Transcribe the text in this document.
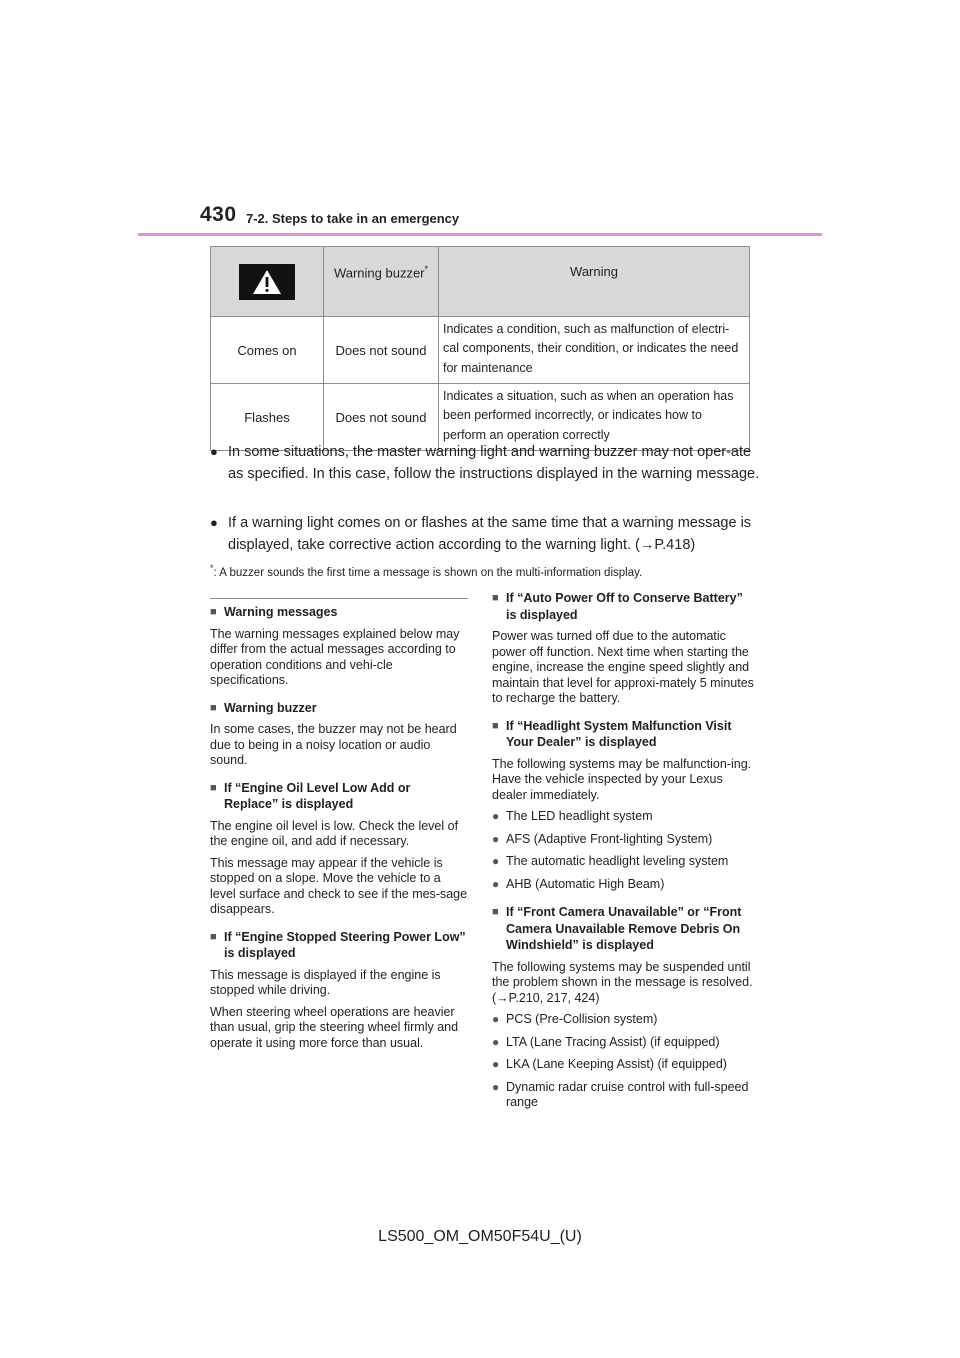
430 7-2. Steps to take in an emergency
	Warning buzzer*	Warning
Comes on	Does not sound	Indicates a condition, such as malfunction of electri-cal components, their condition, or indicates the need for maintenance
Flashes	Does not sound	Indicates a situation, such as when an operation has been performed incorrectly, or indicates how to perform an operation correctly
● In some situations, the master warning light and warning buzzer may not oper-ate as specified. In this case, follow the instructions displayed in the warning message.
● If a warning light comes on or flashes at the same time that a warning message is displayed, take corrective action according to the warning light. (→P.418)
*: A buzzer sounds the first time a message is shown on the multi-information display.
■ Warning messages

The warning messages explained below may differ from the actual messages according to operation conditions and vehi-cle specifications.

■ Warning buzzer

In some cases, the buzzer may not be heard due to being in a noisy location or audio sound.

■ If “Engine Oil Level Low Add or Replace” is displayed

The engine oil level is low. Check the level of the engine oil, and add if necessary.

This message may appear if the vehicle is stopped on a slope. Move the vehicle to a level surface and check to see if the mes-sage disappears.

■ If “Engine Stopped Steering Power Low” is displayed

This message is displayed if the engine is stopped while driving.

When steering wheel operations are heavier than usual, grip the steering wheel firmly and operate it using more force than usual.

■ If “Auto Power Off to Conserve Battery” is displayed

Power was turned off due to the automatic power off function. Next time when starting the engine, increase the engine speed slightly and maintain that level for approxi-mately 5 minutes to recharge the battery.

■ If “Headlight System Malfunction Visit Your Dealer” is displayed

The following systems may be malfunction-ing. Have the vehicle inspected by your Lexus dealer immediately.

● The LED headlight system
● AFS (Adaptive Front-lighting System)
● The automatic headlight leveling system
● AHB (Automatic High Beam)
■ If “Front Camera Unavailable” or “Front Camera Unavailable Remove Debris On Windshield” is displayed

The following systems may be suspended until the problem shown in the message is resolved. (→P.210, 217, 424)

● PCS (Pre-Collision system)
● LTA (Lane Tracing Assist) (if equipped)
● LKA (Lane Keeping Assist) (if equipped)
● Dynamic radar cruise control with full-speed range
LS500_OM_OM50F54U_(U)
